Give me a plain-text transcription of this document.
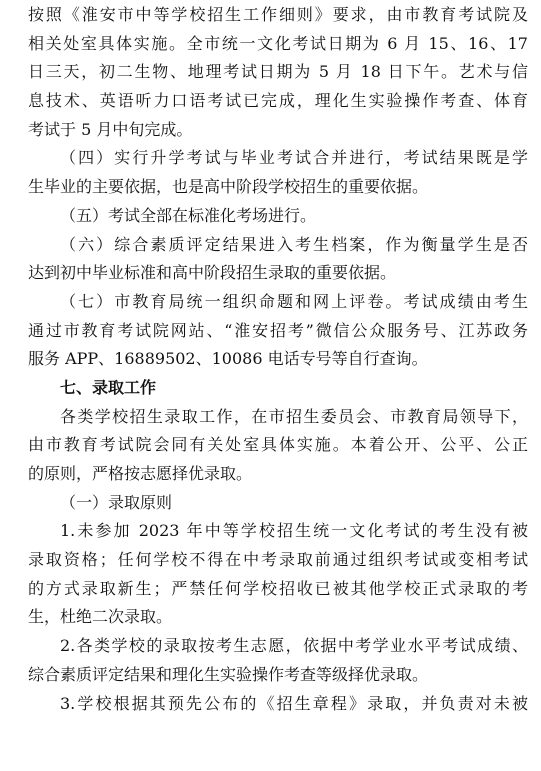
按照《淮安市中等学校招生工作细则》要求，由市教育考试院及
相关处室具体实施。全市统一文化考试日期为 6 月 15、16、17
日三天，初二生物、地理考试日期为 5 月 18 日下午。艺术与信
息技术、英语听力口语考试已完成，理化生实验操作考查、体育
考试于 5 月中旬完成。
（四）实行升学考试与毕业考试合并进行，考试结果既是学
生毕业的主要依据，也是高中阶段学校招生的重要依据。
（五）考试全部在标准化考场进行。
（六）综合素质评定结果进入考生档案，作为衡量学生是否
达到初中毕业标准和高中阶段招生录取的重要依据。
（七）市教育局统一组织命题和网上评卷。考试成绩由考生
通过市教育考试院网站、“淮安招考”微信公众服务号、江苏政务
服务 APP、16889502、10086 电话专号等自行查询。
七、录取工作
各类学校招生录取工作，在市招生委员会、市教育局领导下，
由市教育考试院会同有关处室具体实施。本着公开、公平、公正
的原则，严格按志愿择优录取。
（一）录取原则
1.未参加 2023 年中等学校招生统一文化考试的考生没有被
录取资格；任何学校不得在中考录取前通过组织考试或变相考试
的方式录取新生；严禁任何学校招收已被其他学校正式录取的考
生，杜绝二次录取。
2.各类学校的录取按考生志愿，依据中考学业水平考试成绩、
综合素质评定结果和理化生实验操作考查等级择优录取。
3.学校根据其预先公布的《招生章程》录取，并负责对未被
